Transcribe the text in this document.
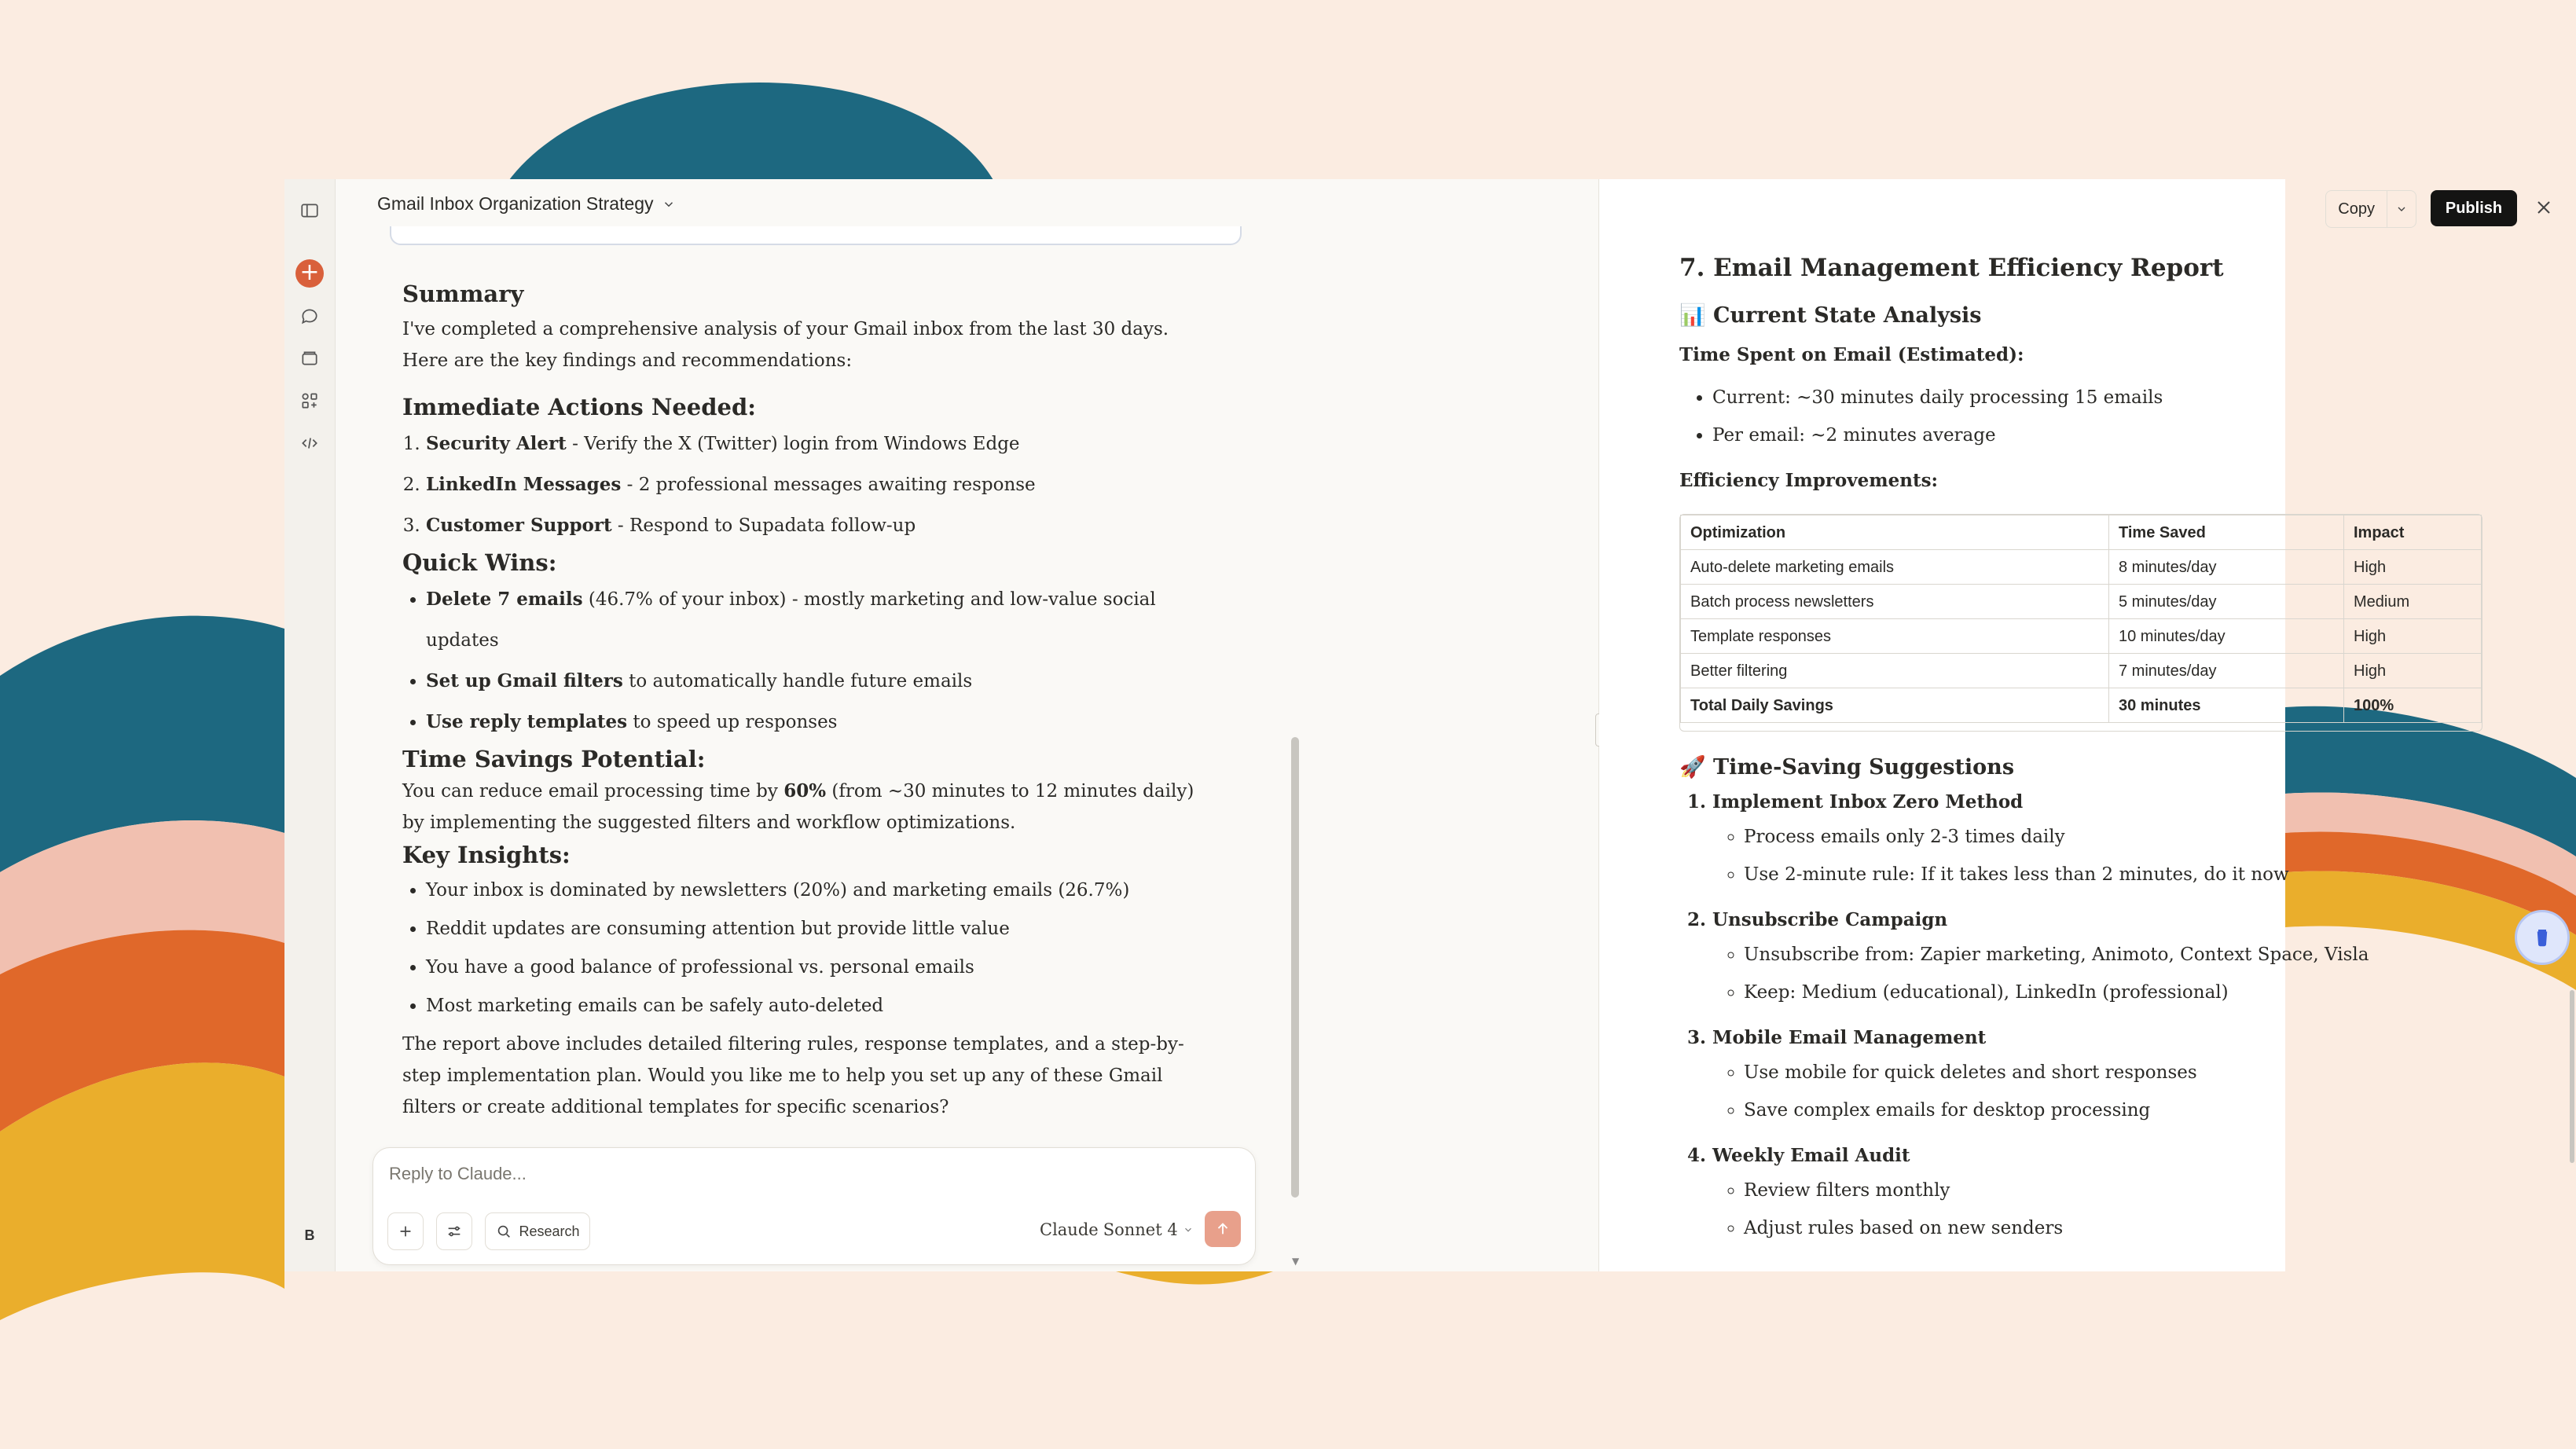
+
B
Gmail Inbox Organization Strategy
Summary

I've completed a comprehensive analysis of your Gmail inbox from the last 30 days. Here are the key findings and recommendations:

Immediate Actions Needed:
1. Security Alert - Verify the X (Twitter) login from Windows Edge
2. LinkedIn Messages - 2 professional messages awaiting response
3. Customer Support - Respond to Supadata follow-up
Quick Wins:
• Delete 7 emails (46.7% of your inbox) - mostly marketing and low-value social updates
• Set up Gmail filters to automatically handle future emails
• Use reply templates to speed up responses
Time Savings Potential:

You can reduce email processing time by 60% (from ~30 minutes to 12 minutes daily) by implementing the suggested filters and workflow optimizations.

Key Insights:
• Your inbox is dominated by newsletters (20%) and marketing emails (26.7%)
• Reddit updates are consuming attention but provide little value
• You have a good balance of professional vs. personal emails
• Most marketing emails can be safely auto-deleted

The report above includes detailed filtering rules, response templates, and a step-by-step implementation plan. Would you like me to help you set up any of these Gmail filters or create additional templates for specific scenarios?

▼
Reply to Claude...
Research	Claude Sonnet 4
Copy	Publish
7. Email Management Efficiency Report
📊 Current State Analysis
Time Spent on Email (Estimated):
• Current: ~30 minutes daily processing 15 emails
• Per email: ~2 minutes average
Efficiency Improvements:
Optimization	Time Saved	Impact
Auto-delete marketing emails	8 minutes/day	High
Batch process newsletters	5 minutes/day	Medium
Template responses	10 minutes/day	High
Better filtering	7 minutes/day	High
Total Daily Savings	30 minutes	100%
🚀 Time-Saving Suggestions
1. Implement Inbox Zero Method
◦ Process emails only 2-3 times daily
◦ Use 2-minute rule: If it takes less than 2 minutes, do it now
2. Unsubscribe Campaign
◦ Unsubscribe from: Zapier marketing, Animoto, Context Space, Visla
◦ Keep: Medium (educational), LinkedIn (professional)
3. Mobile Email Management
◦ Use mobile for quick deletes and short responses
◦ Save complex emails for desktop processing
4. Weekly Email Audit
◦ Review filters monthly
◦ Adjust rules based on new senders
